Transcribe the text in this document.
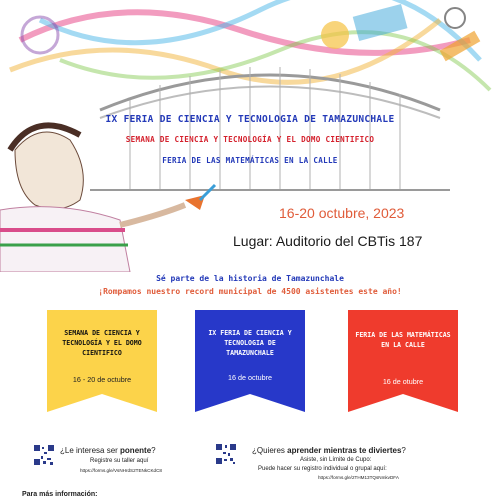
IX FERIA DE CIENCIA Y TECNOLOGIA DE TAMAZUNCHALE
SEMANA DE CIENCIA Y TECNOLOGÍA Y EL DOMO CIENTIFICO
FERIA DE LAS MATEMÁTICAS EN LA CALLE
16-20 octubre, 2023
Lugar: Auditorio del CBTis 187
Sé parte de la historia de Tamazunchale
¡Rompamos nuestro record municipal de 4500 asistentes este año!
SEMANA DE CIENCIA Y TECNOLOGÍA Y EL DOMO CIENTIFICO
16 - 20 de octubre
IX FERIA DE CIENCIA Y TECNOLOGIA DE TAMAZUNCHALE
16 de octubre
FERIA DE LAS MATEMÁTICAS EN LA CALLE
16 de otubre
¿Le interesa ser ponente?
Registre su taller aquí
https://forms.gle/VsNHrdS2TENkCKdC8
¿Quieres aprender mientras te diviertes?
Asiste, sin Límite de Cupo:
Puede hacer su registro individual o grupal aquí:
https://forms.gle/2THM13TQsNmkvDFA
Para más información:
